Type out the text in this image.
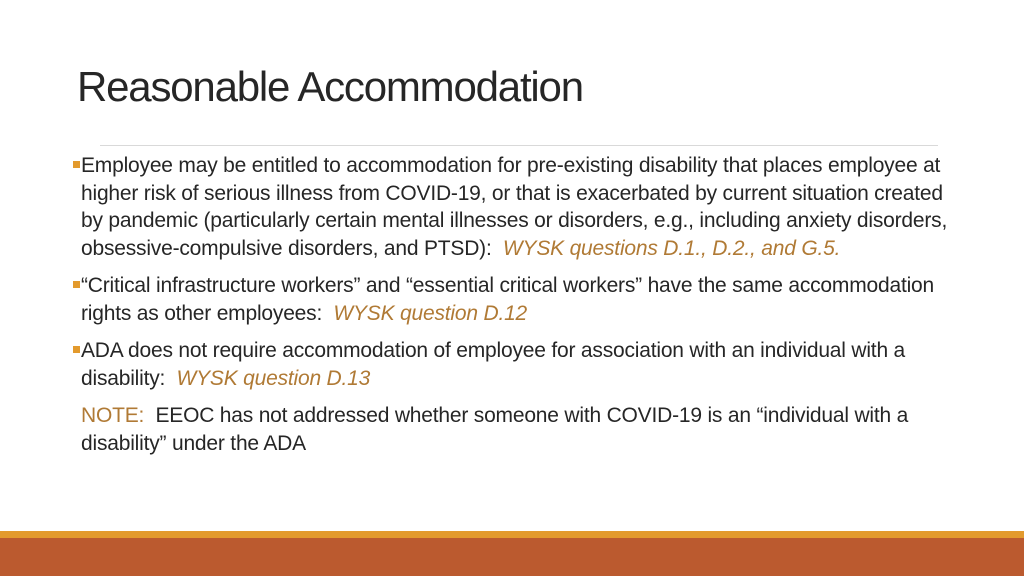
Reasonable Accommodation
Employee may be entitled to accommodation for pre-existing disability that places employee at higher risk of serious illness from COVID-19, or that is exacerbated by current situation created by pandemic (particularly certain mental illnesses or disorders, e.g., including anxiety disorders, obsessive-compulsive disorders, and PTSD): WYSK questions D.1., D.2., and G.5.
“Critical infrastructure workers” and “essential critical workers” have the same accommodation rights as other employees: WYSK question D.12
ADA does not require accommodation of employee for association with an individual with a disability: WYSK question D.13
NOTE: EEOC has not addressed whether someone with COVID-19 is an “individual with a disability” under the ADA
